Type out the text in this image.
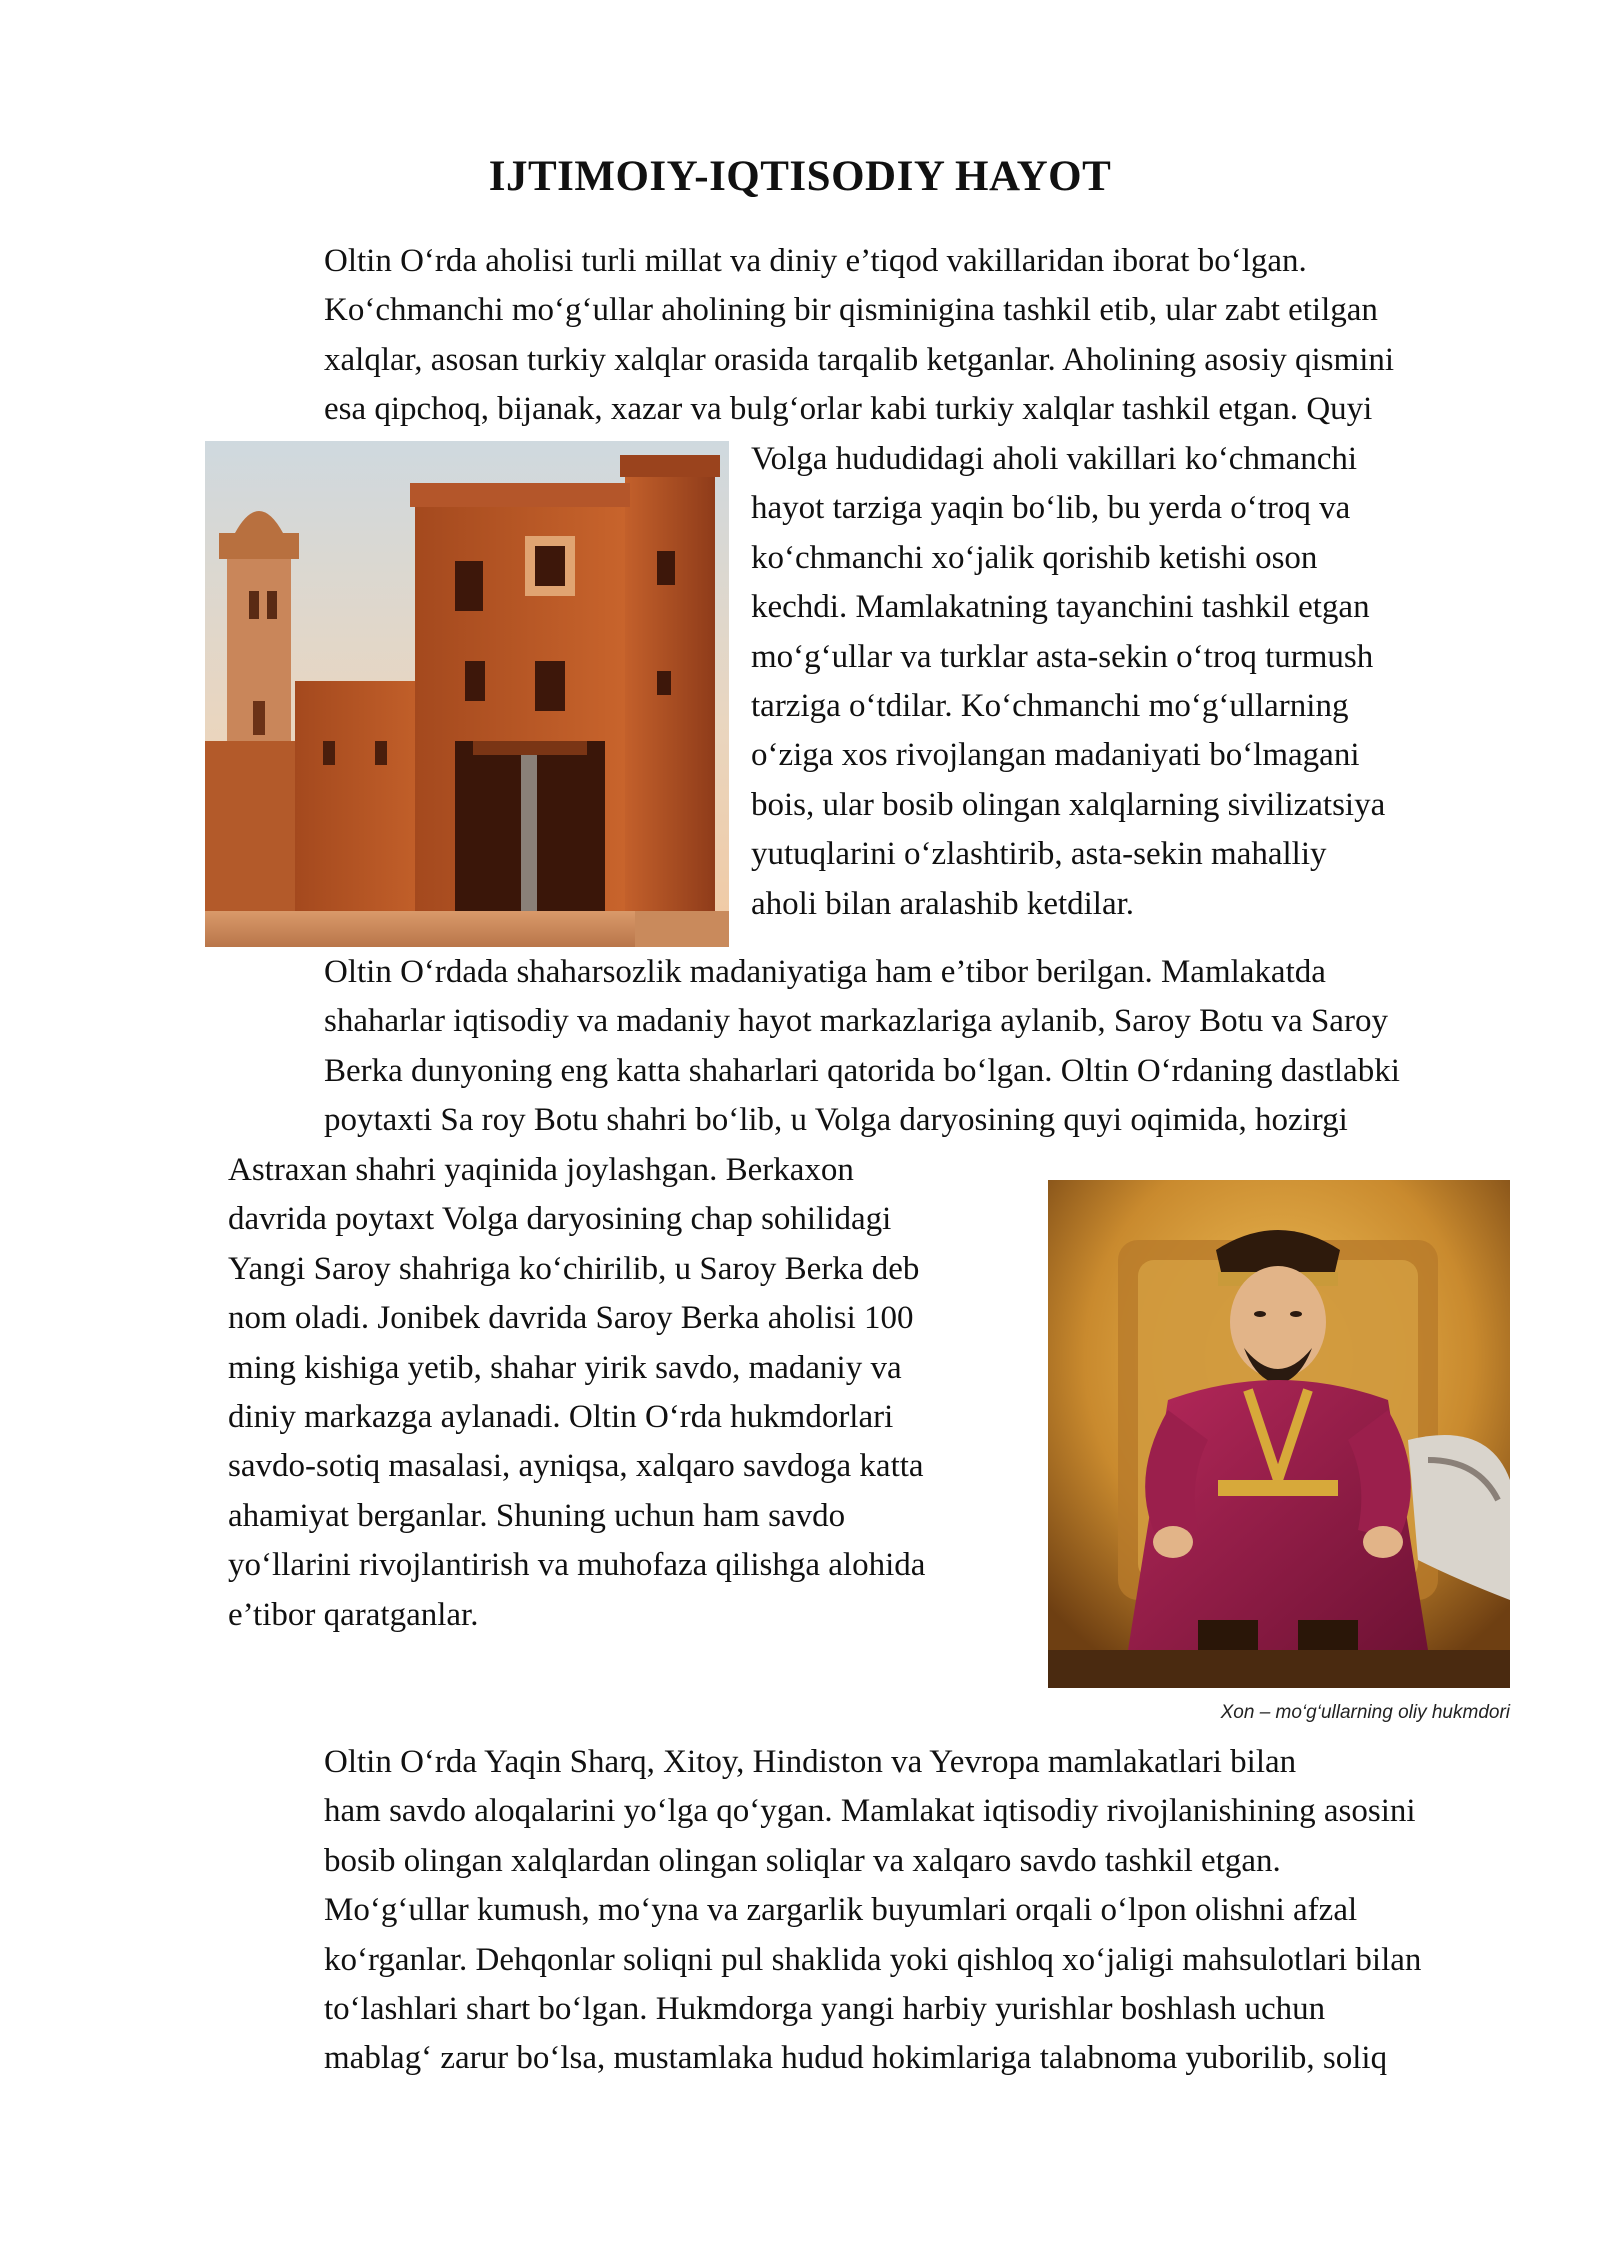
IJTIMOIY-IQTISODIY HAYOT
Oltin O‘rda aholisi turli millat va diniy e’tiqod vakillaridan iborat bo‘lgan.
Ko‘chmanchi mo‘g‘ullar aholining bir qisminigina tashkil etib, ular zabt etilgan
xalqlar, asosan turkiy xalqlar orasida tarqalib ketganlar. Aholining asosiy qismini
esa qipchoq, bijanak, xazar va bulg‘orlar kabi turkiy xalqlar tashkil etgan. Quyi
Volga hududidagi aholi vakillari ko‘chmanchi
hayot tarziga yaqin bo‘lib, bu yerda o‘troq va
ko‘chmanchi xo‘jalik qorishib ketishi oson
kechdi. Mamlakatning tayanchini tashkil etgan
mo‘g‘ullar va turklar asta-sekin o‘troq turmush
tarziga o‘tdilar. Ko‘chmanchi mo‘g‘ullarning
o‘ziga xos rivojlangan madaniyati bo‘lmagani
bois, ular bosib olingan xalqlarning sivilizatsiya
yutuqlarini o‘zlashtirib, asta-sekin mahalliy
aholi bilan aralashib ketdilar.
Oltin O‘rdada shaharsozlik madaniyatiga ham e’tibor berilgan. Mamlakatda
shaharlar iqtisodiy va madaniy hayot markazlariga aylanib, Saroy Botu va Saroy
Berka dunyoning eng katta shaharlari qatorida bo‘lgan. Oltin O‘rdaning dastlabki
poytaxti Sa roy Botu shahri bo‘lib, u Volga daryosining quyi oqimida, hozirgi
Astraxan shahri yaqinida joylashgan. Berkaxon
davrida poytaxt Volga daryosining chap sohilidagi
Yangi Saroy shahriga ko‘chirilib, u Saroy Berka deb
nom oladi. Jonibek davrida Saroy Berka aholisi 100
ming kishiga yetib, shahar yirik savdo, madaniy va
diniy markazga aylanadi. Oltin O‘rda hukmdorlari
savdo-sotiq masalasi, ayniqsa, xalqaro savdoga katta
ahamiyat berganlar. Shuning uchun ham savdo
yo‘llarini rivojlantirish va muhofaza qilishga alohida
e’tibor qaratganlar.
Xon – mo‘g‘ullarning oliy hukmdori
Oltin O‘rda Yaqin Sharq, Xitoy, Hindiston va Yevropa mamlakatlari bilan
ham savdo aloqalarini yo‘lga qo‘ygan. Mamlakat iqtisodiy rivojlanishining asosini
bosib olingan xalqlardan olingan soliqlar va xalqaro savdo tashkil etgan.
Mo‘g‘ullar kumush, mo‘yna va zargarlik buyumlari orqali o‘lpon olishni afzal
ko‘rganlar. Dehqonlar soliqni pul shaklida yoki qishloq xo‘jaligi mahsulotlari bilan
to‘lashlari shart bo‘lgan. Hukmdorga yangi harbiy yurishlar boshlash uchun
mablag‘ zarur bo‘lsa, mustamlaka hudud hokimlariga talabnoma yuborilib, soliq
